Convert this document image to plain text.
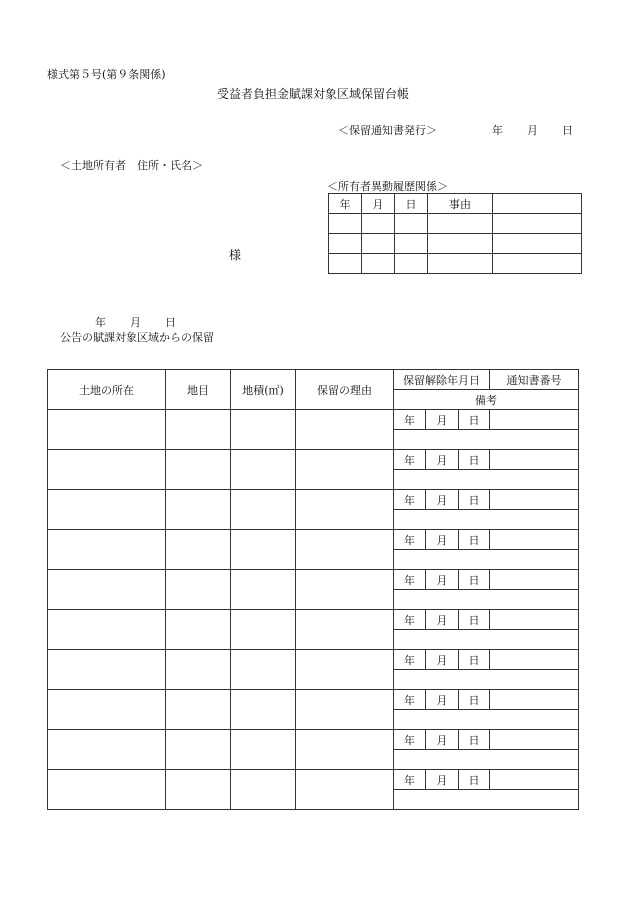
様式第５号(第９条関係)
受益者負担金賦課対象区域保留台帳
＜保留通知書発行＞	年 月 日
＜土地所有者　住所・氏名＞
＜所有者異動履歴関係＞
年	月	日	事由	

様
年 月 日
公告の賦課対象区域からの保留
土地の所在	地目	地積(㎡)	保留の理由	保留解除年月日			通知書番号
				備考			
				年	月	日	

				年	月	日	

				年	月	日	

				年	月	日	

				年	月	日	

				年	月	日	

				年	月	日	

				年	月	日	

				年	月	日	

				年	月	日	
